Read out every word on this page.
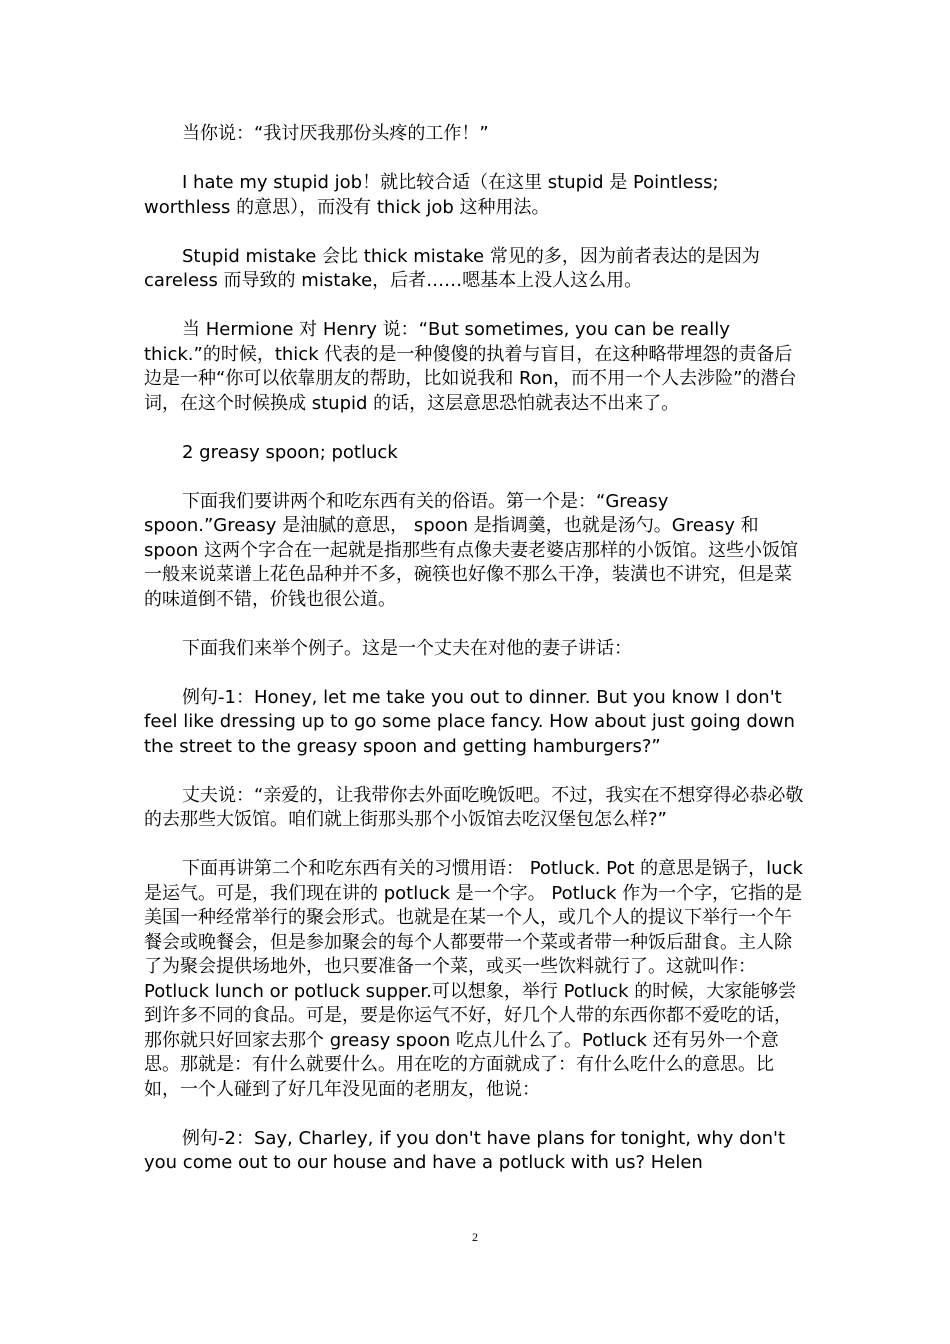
当你说：“我讨厌我那份头疼的工作！”

I hate my stupid job！就比较合适（在这里 stupid 是 Pointless; worthless 的意思），而没有 thick job 这种用法。

Stupid mistake 会比 thick mistake 常见的多，因为前者表达的是因为 careless 而导致的 mistake，后者……嗯基本上没人这么用。

当 Hermione 对 Henry 说：“But sometimes, you can be really thick.”的时候，thick 代表的是一种傻傻的执着与盲目，在这种略带埋怨的责备后边是一种“你可以依靠朋友的帮助，比如说我和 Ron，而不用一个人去涉险”的潜台词，在这个时候换成 stupid 的话，这层意思恐怕就表达不出来了。

2 greasy spoon; potluck

下面我们要讲两个和吃东西有关的俗语。第一个是：“Greasy spoon.”Greasy 是油腻的意思， spoon 是指调羹，也就是汤勺。Greasy 和 spoon 这两个字合在一起就是指那些有点像夫妻老婆店那样的小饭馆。这些小饭馆一般来说菜谱上花色品种并不多，碗筷也好像不那么干净，装潢也不讲究，但是菜的味道倒不错，价钱也很公道。

下面我们来举个例子。这是一个丈夫在对他的妻子讲话：

例句-1：Honey, let me take you out to dinner. But you know I don't feel like dressing up to go some place fancy. How about just going down the street to the greasy spoon and getting hamburgers?”

丈夫说：“亲爱的，让我带你去外面吃晚饭吧。不过，我实在不想穿得必恭必敬的去那些大饭馆。咱们就上街那头那个小饭馆去吃汉堡包怎么样?”

下面再讲第二个和吃东西有关的习惯用语： Potluck. Pot 的意思是锅子，luck 是运气。可是，我们现在讲的 potluck 是一个字。 Potluck 作为一个字，它指的是美国一种经常举行的聚会形式。也就是在某一个人，或几个人的提议下举行一个午餐会或晚餐会，但是参加聚会的每个人都要带一个菜或者带一种饭后甜食。主人除了为聚会提供场地外，也只要准备一个菜，或买一些饮料就行了。这就叫作： Potluck lunch or potluck supper.可以想象，举行 Potluck 的时候，大家能够尝到许多不同的食品。可是，要是你运气不好，好几个人带的东西你都不爱吃的话，那你就只好回家去那个 greasy spoon 吃点儿什么了。Potluck 还有另外一个意思。那就是：有什么就要什么。用在吃的方面就成了：有什么吃什么的意思。比如，一个人碰到了好几年没见面的老朋友，他说：

例句-2：Say, Charley, if you don't have plans for tonight, why don't you come out to our house and have a potluck with us? Helen

2
